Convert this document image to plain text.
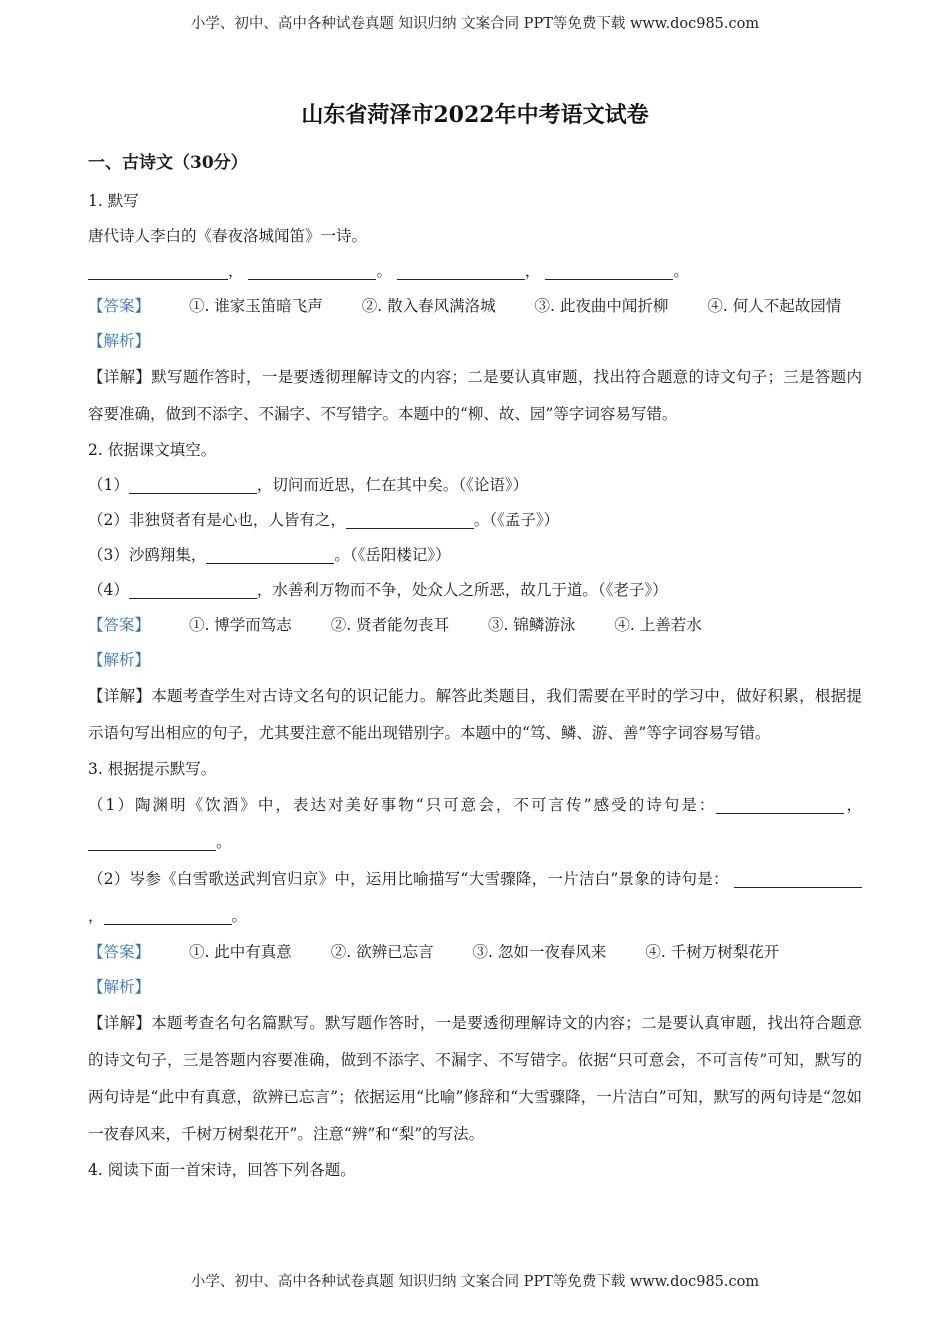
小学、初中、高中各种试卷真题 知识归纳 文案合同 PPT等免费下载 www.doc985.com
山东省菏泽市2022年中考语文试卷
一、古诗文（30分）
1. 默写
唐代诗人李白的《春夜洛城闻笛》一诗。
，	。	，	。
【答案】	①. 谁家玉笛暗飞声	②. 散入春风满洛城	③. 此夜曲中闻折柳	④. 何人不起故园情
【解析】
【详解】默写题作答时，一是要透彻理解诗文的内容；二是要认真审题，找出符合题意的诗文句子；三是答题内容要准确，做到不添字、不漏字、不写错字。本题中的“柳、故、园”等字词容易写错。
2. 依据课文填空。
（1）	，切问而近思，仁在其中矣。（《论语》）
（2）非独贤者有是心也，人皆有之，	。（《孟子》）
（3）沙鸥翔集，	。（《岳阳楼记》）
（4）	，水善利万物而不争，处众人之所恶，故几于道。（《老子》）
【答案】	①. 博学而笃志	②. 贤者能勿丧耳	③. 锦鳞游泳	④. 上善若水
【解析】
【详解】本题考查学生对古诗文名句的识记能力。解答此类题目，我们需要在平时的学习中，做好积累，根据提示语句写出相应的句子，尤其要注意不能出现错别字。本题中的“笃、鳞、游、善”等字词容易写错。
3. 根据提示默写。
（1）陶渊明《饮酒》中，表达对美好事物“只可意会，不可言传”感受的诗句是：	， 。
（2）岑参《白雪歌送武判官归京》中，运用比喻描写“大雪骤降，一片洁白”景象的诗句是： ，	。
【答案】	①. 此中有真意	②. 欲辨已忘言	③. 忽如一夜春风来	④. 千树万树梨花开
【解析】
【详解】本题考查名句名篇默写。默写题作答时，一是要透彻理解诗文的内容；二是要认真审题，找出符合题意的诗文句子，三是答题内容要准确，做到不添字、不漏字、不写错字。依据“只可意会，不可言传”可知，默写的两句诗是“此中有真意，欲辨已忘言”；依据运用“比喻”修辞和“大雪骤降，一片洁白”可知，默写的两句诗是“忽如一夜春风来，千树万树梨花开”。注意“辨”和“梨”的写法。
4. 阅读下面一首宋诗，回答下列各题。
小学、初中、高中各种试卷真题 知识归纳 文案合同 PPT等免费下载 www.doc985.com
